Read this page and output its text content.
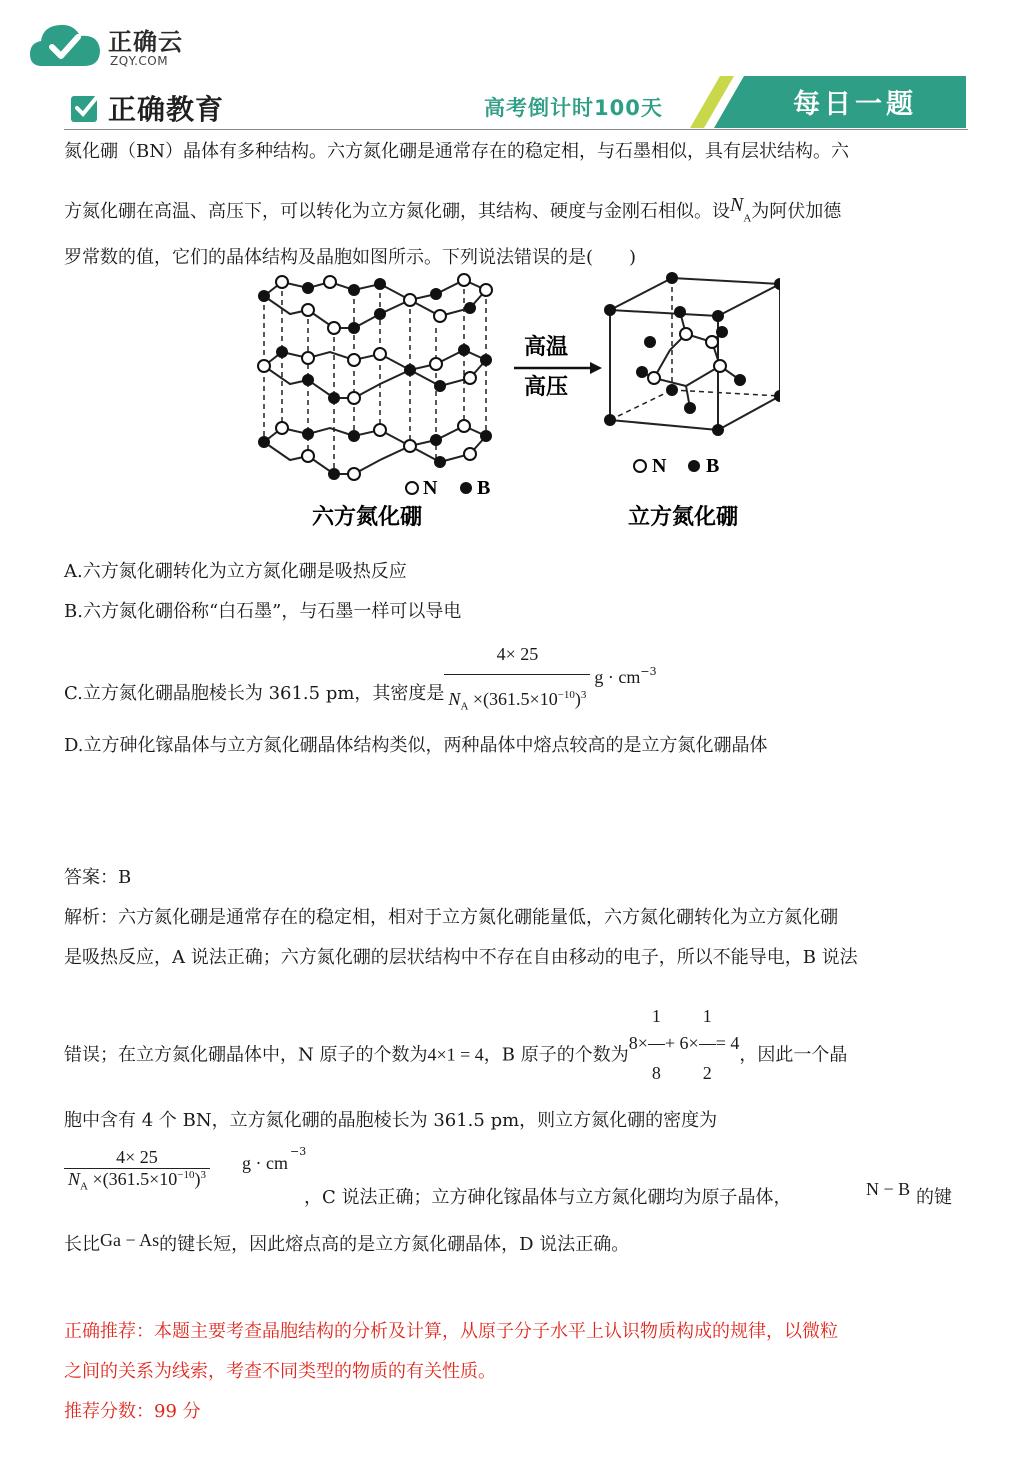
正确云
ZQY.COM
正确教育	高考倒计时100天	每日一题
N B
六方氮化硼
高温
高压
N B
立方氮化硼

氮化硼（BN）晶体有多种结构。六方氮化硼是通常存在的稳定相，与石墨相似，具有层状结构。六

方氮化硼在高温、高压下，可以转化为立方氮化硼，其结构、硬度与金刚石相似。设$N_A$为阿伏加德

罗常数的值，它们的晶体结构及晶胞如图所示。下列说法错误的是(　　)

A.六方氮化硼转化为立方氮化硼是吸热反应

B.六方氮化硼俗称“白石墨”，与石墨一样可以导电

C.立方氮化硼晶胞棱长为 361.5 pm，其密度是 $\frac{4\times 25}{N_A \times(361.5\times 10^{-10})^3}$ $g \cdot cm^{-3}$

D.立方砷化镓晶体与立方氮化硼晶体结构类似，两种晶体中熔点较高的是立方氮化硼晶体

答案：B

解析：六方氮化硼是通常存在的稳定相，相对于立方氮化硼能量低，六方氮化硼转化为立方氮化硼

是吸热反应，A 说法正确；六方氮化硼的层状结构中不存在自由移动的电子，所以不能导电，B 说法

错误；在立方氮化硼晶体中，N 原子的个数为4×1 = 4，B 原子的个数为$8\times \frac{1}{8} + 6\times \frac{1}{2} = 4$，因此一个晶

胞中含有 4 个 BN，立方氮化硼的晶胞棱长为 361.5 pm，则立方氮化硼的密度为

$\frac{4\times 25}{N_A \times(361.5\times 10^{-10})^3}$ g · cm
−3
，C 说法正确；立方砷化镓晶体与立方氮化硼均为原子晶体，	N − B 的键

长比Ga − As的键长短，因此熔点高的是立方氮化硼晶体，D 说法正确。

正确推荐：本题主要考查晶胞结构的分析及计算，从原子分子水平上认识物质构成的规律，以微粒

之间的关系为线索，考查不同类型的物质的有关性质。

推荐分数：99 分
